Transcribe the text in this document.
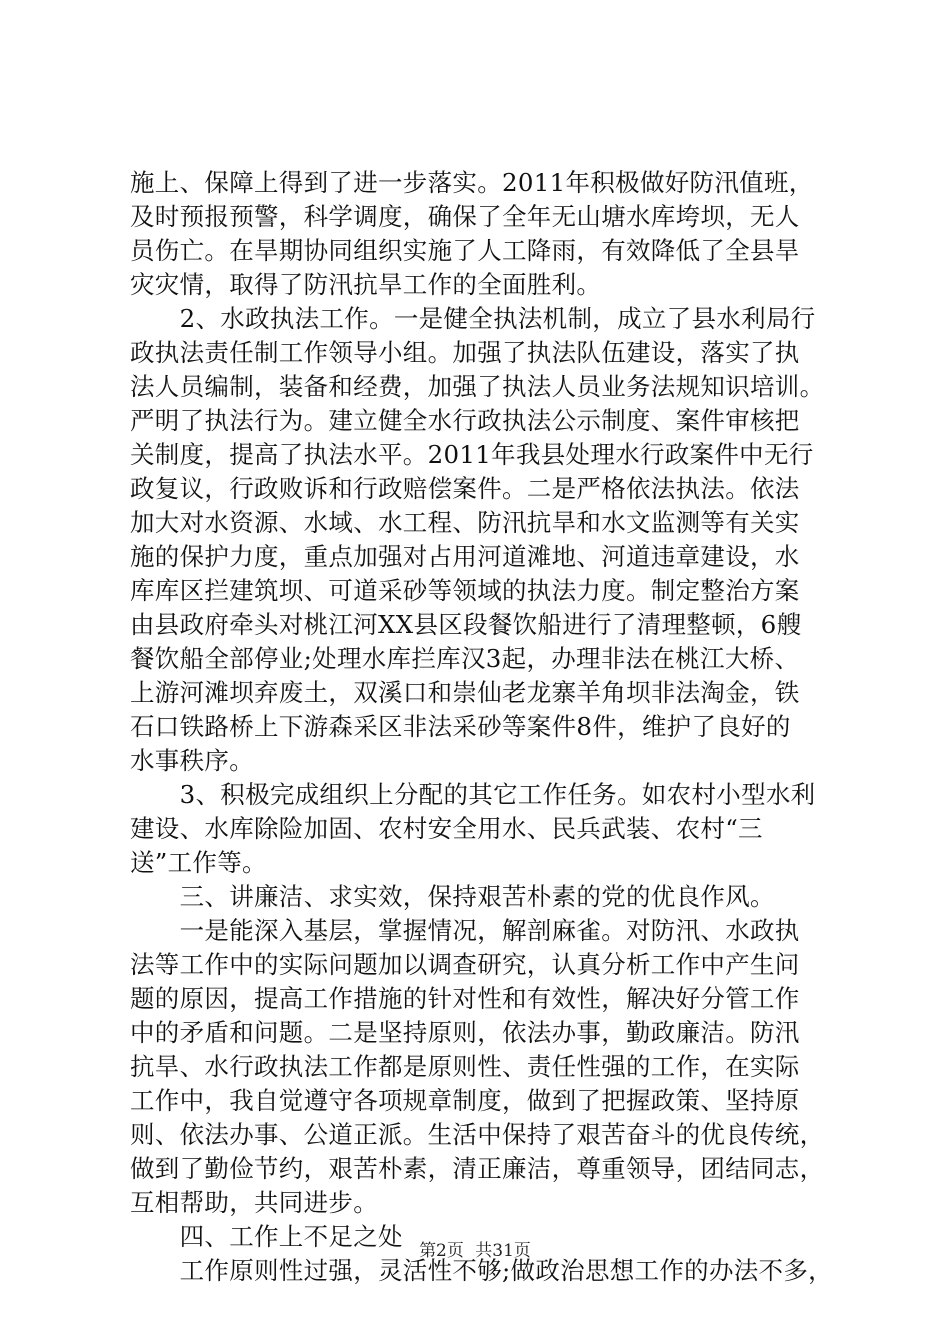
施上、保障上得到了进一步落实。2011年积极做好防汛值班，
及时预报预警，科学调度，确保了全年无山塘水库垮坝，无人
员伤亡。在旱期协同组织实施了人工降雨，有效降低了全县旱
灾灾情，取得了防汛抗旱工作的全面胜利。
　　2、水政执法工作。一是健全执法机制，成立了县水利局行
政执法责任制工作领导小组。加强了执法队伍建设，落实了执
法人员编制，装备和经费，加强了执法人员业务法规知识培训。
严明了执法行为。建立健全水行政执法公示制度、案件审核把
关制度，提高了执法水平。2011年我县处理水行政案件中无行
政复议，行政败诉和行政赔偿案件。二是严格依法执法。依法
加大对水资源、水域、水工程、防汛抗旱和水文监测等有关实
施的保护力度，重点加强对占用河道滩地、河道违章建设，水
库库区拦建筑坝、可道采砂等领域的执法力度。制定整治方案
由县政府牵头对桃江河XX县区段餐饮船进行了清理整顿，6艘
餐饮船全部停业;处理水库拦库汉3起，办理非法在桃江大桥、
上游河滩坝弃废土，双溪口和崇仙老龙寨羊角坝非法淘金，铁
石口铁路桥上下游森采区非法采砂等案件8件，维护了良好的
水事秩序。
　　3、积极完成组织上分配的其它工作任务。如农村小型水利
建设、水库除险加固、农村安全用水、民兵武装、农村“三
送”工作等。
　　三、讲廉洁、求实效，保持艰苦朴素的党的优良作风。
　　一是能深入基层，掌握情况，解剖麻雀。对防汛、水政执
法等工作中的实际问题加以调查研究，认真分析工作中产生问
题的原因，提高工作措施的针对性和有效性，解决好分管工作
中的矛盾和问题。二是坚持原则，依法办事，勤政廉洁。防汛
抗旱、水行政执法工作都是原则性、责任性强的工作，在实际
工作中，我自觉遵守各项规章制度，做到了把握政策、坚持原
则、依法办事、公道正派。生活中保持了艰苦奋斗的优良传统，
做到了勤俭节约，艰苦朴素，清正廉洁，尊重领导，团结同志，
互相帮助，共同进步。
　　四、工作上不足之处
　　工作原则性过强，灵活性不够;做政治思想工作的办法不多，
第2页 共31页
